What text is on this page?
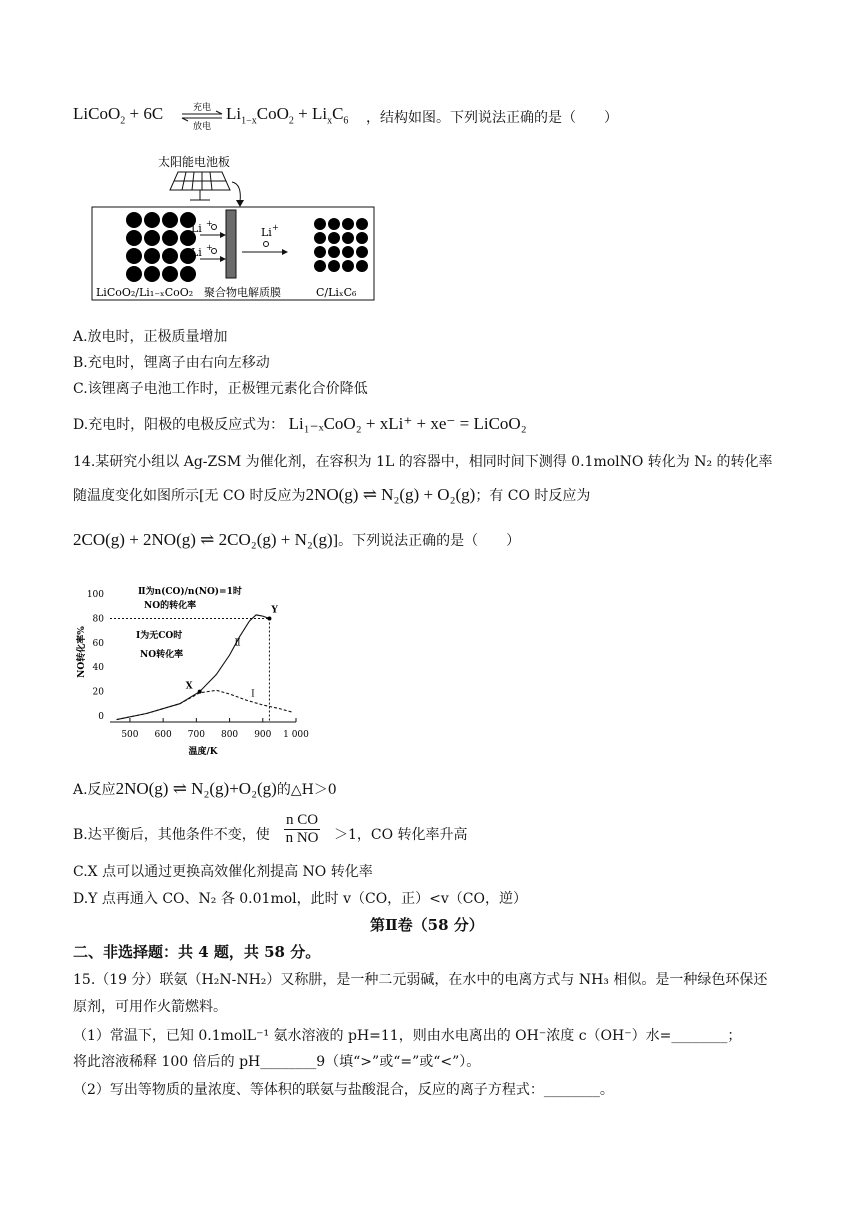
LiCoO$_2$ + 6C	充电
放电
$Li_{1-x}CoO_2 + Li_xC_6$ ，结构如图。下列说法正确的是（　　）
太阳能电池板
Li +
Li +
Li +
LiCoO₂/Li₁₋ₓCoO₂ 聚合物电解质膜	C/LiₓC₆
A.放电时，正极质量增加
B.充电时，锂离子由右向左移动
C.该锂离子电池工作时，正极锂元素化合价降低
D.充电时，阳极的电极反应式为： Li₁₋ₓCoO₂ + xLi⁺ + xe⁻ = LiCoO₂
14.某研究小组以 Ag-ZSM 为催化剂，在容积为 1L 的容器中，相同时间下测得 0.1molNO 转化为 N₂ 的转化率
随温度变化如图所示[无 CO 时反应为2NO(g) ⇌ N₂(g) + O₂(g)；有 CO 时反应为
2CO(g) + 2NO(g) ⇌ 2CO₂(g) + N₂(g)]。下列说法正确的是（　　）
500 600 700 800 900 1 000
0
20
40
60
80
100
温度/K
NO转化率%
Ⅱ为n(CO)/n(NO)=1时
NO的转化率
Ⅰ为无CO时
NO转化率
X
Y
Ⅱ
Ⅰ
A.反应2NO(g) ⇌ N₂(g)+O₂(g)的△H＞0
B.达平衡后，其他条件不变，使
n CO
n NO ＞1，CO 转化率升高
C.X 点可以通过更换高效催化剂提高 NO 转化率
D.Y 点再通入 CO、N₂ 各 0.01mol，此时 v（CO，正）<v（CO，逆）
第Ⅱ卷（58 分）
二、非选择题：共 4 题，共 58 分。
15.（19 分）联氨（H₂N-NH₂）又称肼，是一种二元弱碱，在水中的电离方式与 NH₃ 相似。是一种绿色环保还
原剂，可用作火箭燃料。
（1）常温下，已知 0.1molL⁻¹ 氨水溶液的 pH=11，则由水电离出的 OH⁻浓度 c（OH⁻）水=________；
将此溶液稀释 100 倍后的 pH________9（填“>”或“=”或“<”）。
（2）写出等物质的量浓度、等体积的联氨与盐酸混合，反应的离子方程式：________。
